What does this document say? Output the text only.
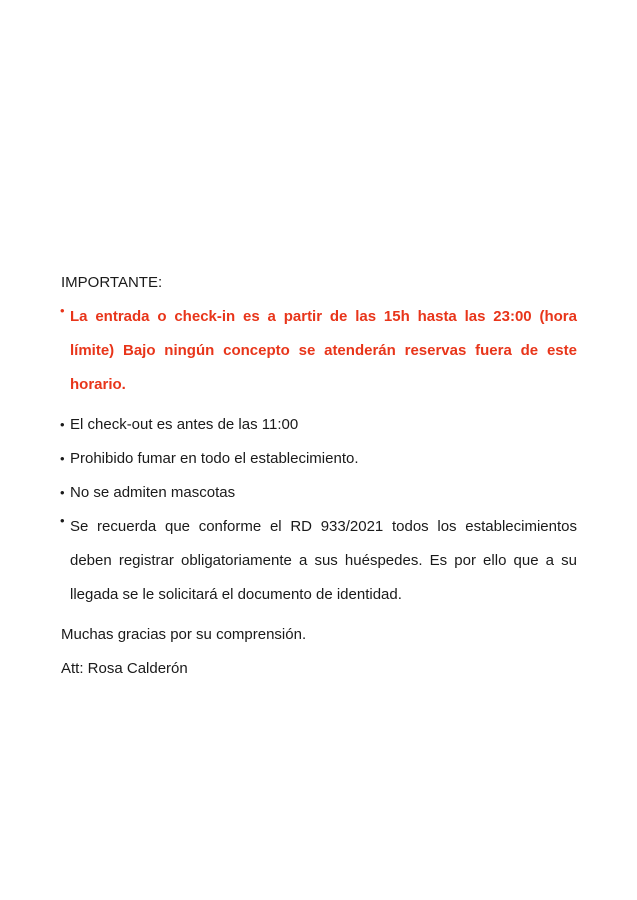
IMPORTANTE:
• La entrada o check-in es a partir de las 15h hasta las 23:00 (hora límite) Bajo ningún concepto se atenderán reservas fuera de este horario.
• El check-out es antes de las 11:00
• Prohibido fumar en todo el establecimiento.
• No se admiten mascotas
• Se recuerda que conforme el RD 933/2021 todos los establecimientos deben registrar obligatoriamente a sus huéspedes. Es por ello que a su llegada se le solicitará el documento de identidad.
Muchas gracias por su comprensión.
Att: Rosa Calderón
